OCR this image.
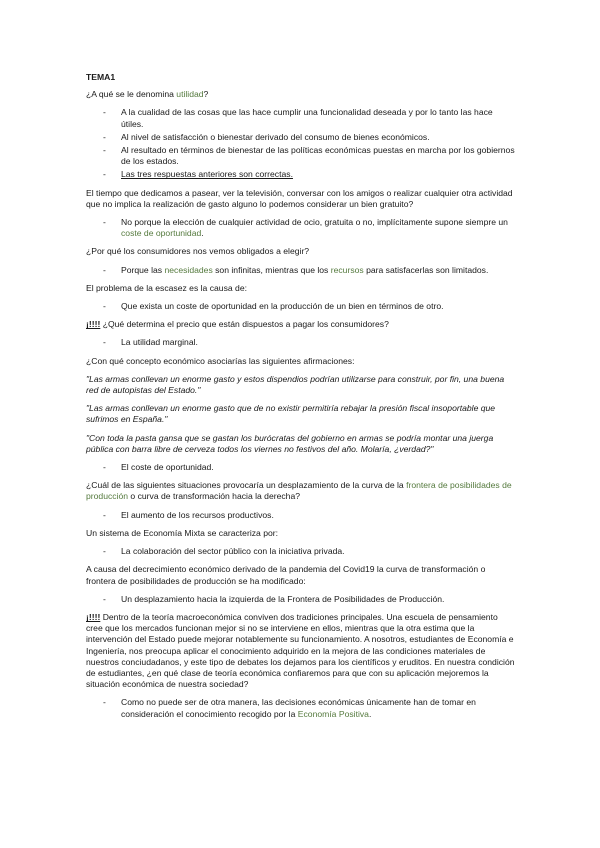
TEMA1

¿A qué se le denomina utilidad?

- A la cualidad de las cosas que las hace cumplir una funcionalidad deseada y por lo tanto las hace útiles.
- Al nivel de satisfacción o bienestar derivado del consumo de bienes económicos.
- Al resultado en términos de bienestar de las políticas económicas puestas en marcha por los gobiernos de los estados.
- Las tres respuestas anteriores son correctas.

El tiempo que dedicamos a pasear, ver la televisión, conversar con los amigos o realizar cualquier otra actividad que no implica la realización de gasto alguno lo podemos considerar un bien gratuito?

- No porque la elección de cualquier actividad de ocio, gratuita o no, implícitamente supone siempre un coste de oportunidad.

¿Por qué los consumidores nos vemos obligados a elegir?

- Porque las necesidades son infinitas, mientras que los recursos para satisfacerlas son limitados.

El problema de la escasez es la causa de:

- Que exista un coste de oportunidad en la producción de un bien en términos de otro.

¡!!!! ¿Qué determina el precio que están dispuestos a pagar los consumidores?

- La utilidad marginal.

¿Con qué concepto económico asociarías las siguientes afirmaciones:

"Las armas conllevan un enorme gasto y estos dispendios podrían utilizarse para construir, por fin, una buena red de autopistas del Estado."

"Las armas conllevan un enorme gasto que de no existir permitiría rebajar la presión fiscal insoportable que sufrimos en España."

"Con toda la pasta gansa que se gastan los burócratas del gobierno en armas se podría montar una juerga pública con barra libre de cerveza todos los viernes no festivos del año. Molaría, ¿verdad?"

- El coste de oportunidad.

¿Cuál de las siguientes situaciones provocaría un desplazamiento de la curva de la frontera de posibilidades de producción o curva de transformación hacia la derecha?

- El aumento de los recursos productivos.

Un sistema de Economía Mixta se caracteriza por:

- La colaboración del sector público con la iniciativa privada.

A causa del decrecimiento económico derivado de la pandemia del Covid19 la curva de transformación o frontera de posibilidades de producción se ha modificado:

- Un desplazamiento hacia la izquierda de la Frontera de Posibilidades de Producción.

¡!!!! Dentro de la teoría macroeconómica conviven dos tradiciones principales. Una escuela de pensamiento cree que los mercados funcionan mejor si no se interviene en ellos, mientras que la otra estima que la intervención del Estado puede mejorar notablemente su funcionamiento. A nosotros, estudiantes de Economía e Ingeniería, nos preocupa aplicar el conocimiento adquirido en la mejora de las condiciones materiales de nuestros conciudadanos, y este tipo de debates los dejamos para los científicos y eruditos. En nuestra condición de estudiantes, ¿en qué clase de teoría económica confiaremos para que con su aplicación mejoremos la situación económica de nuestra sociedad?

- Como no puede ser de otra manera, las decisiones económicas únicamente han de tomar en consideración el conocimiento recogido por la Economía Positiva.
